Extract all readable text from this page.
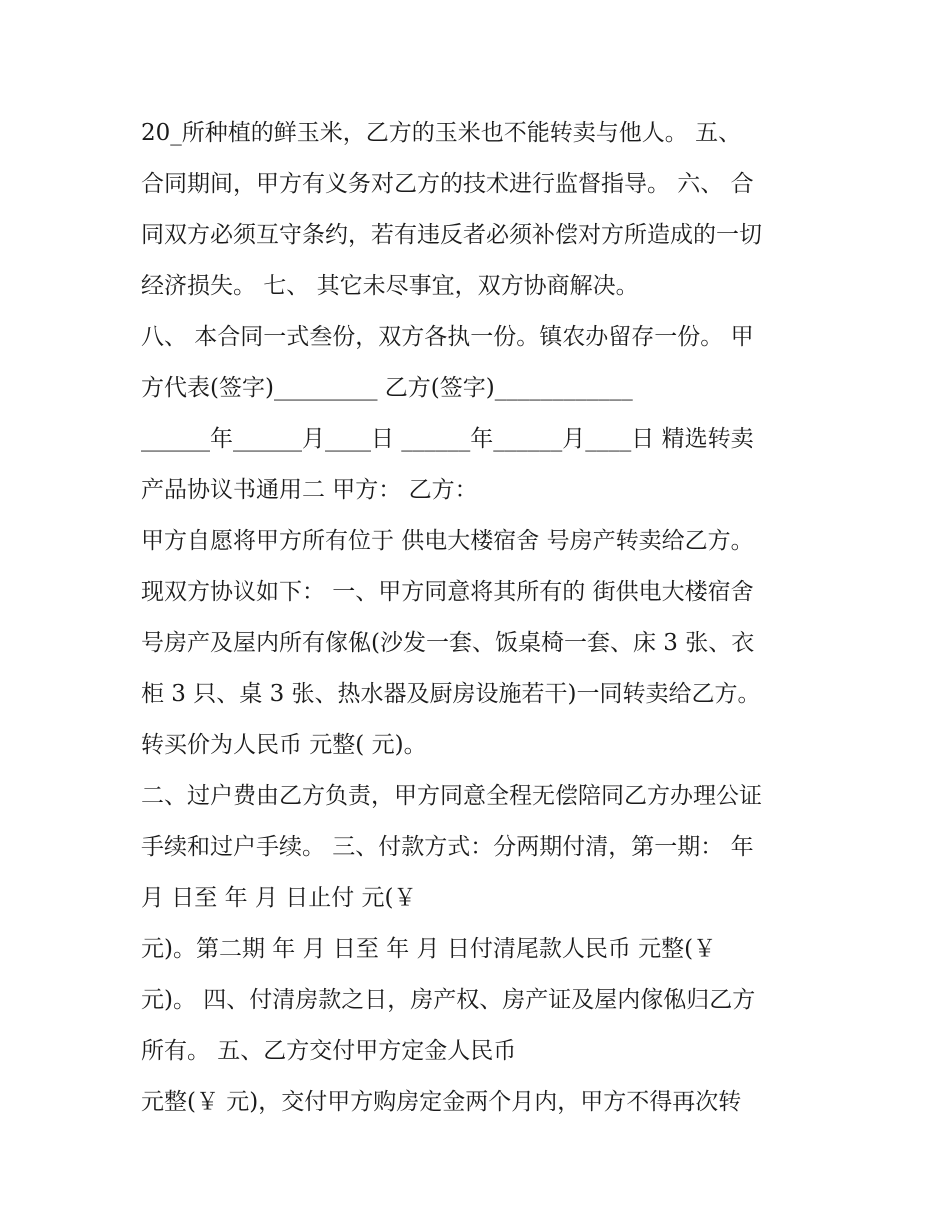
20_所种植的鲜玉米，乙方的玉米也不能转卖与他人。 五、
合同期间，甲方有义务对乙方的技术进行监督指导。 六、 合
同双方必须互守条约，若有违反者必须补偿对方所造成的一切
经济损失。 七、 其它未尽事宜，双方协商解决。
八、 本合同一式叁份，双方各执一份。镇农办留存一份。 甲
方代表(签字)_________ 乙方(签字)____________
______年______月____日 ______年______月____日 精选转卖
产品协议书通用二 甲方： 乙方：
甲方自愿将甲方所有位于 供电大楼宿舍 号房产转卖给乙方。
现双方协议如下： 一、甲方同意将其所有的 街供电大楼宿舍
号房产及屋内所有傢俬(沙发一套、饭桌椅一套、床 3 张、衣
柜 3 只、桌 3 张、热水器及厨房设施若干)一同转卖给乙方。
转买价为人民币 元整( 元)。
二、过户费由乙方负责，甲方同意全程无偿陪同乙方办理公证
手续和过户手续。 三、付款方式：分两期付清，第一期： 年
月 日至 年 月 日止付 元(￥
元)。第二期 年 月 日至 年 月 日付清尾款人民币 元整(￥
元)。 四、付清房款之日，房产权、房产证及屋内傢俬归乙方
所有。 五、乙方交付甲方定金人民币
元整(￥ 元)，交付甲方购房定金两个月内，甲方不得再次转
